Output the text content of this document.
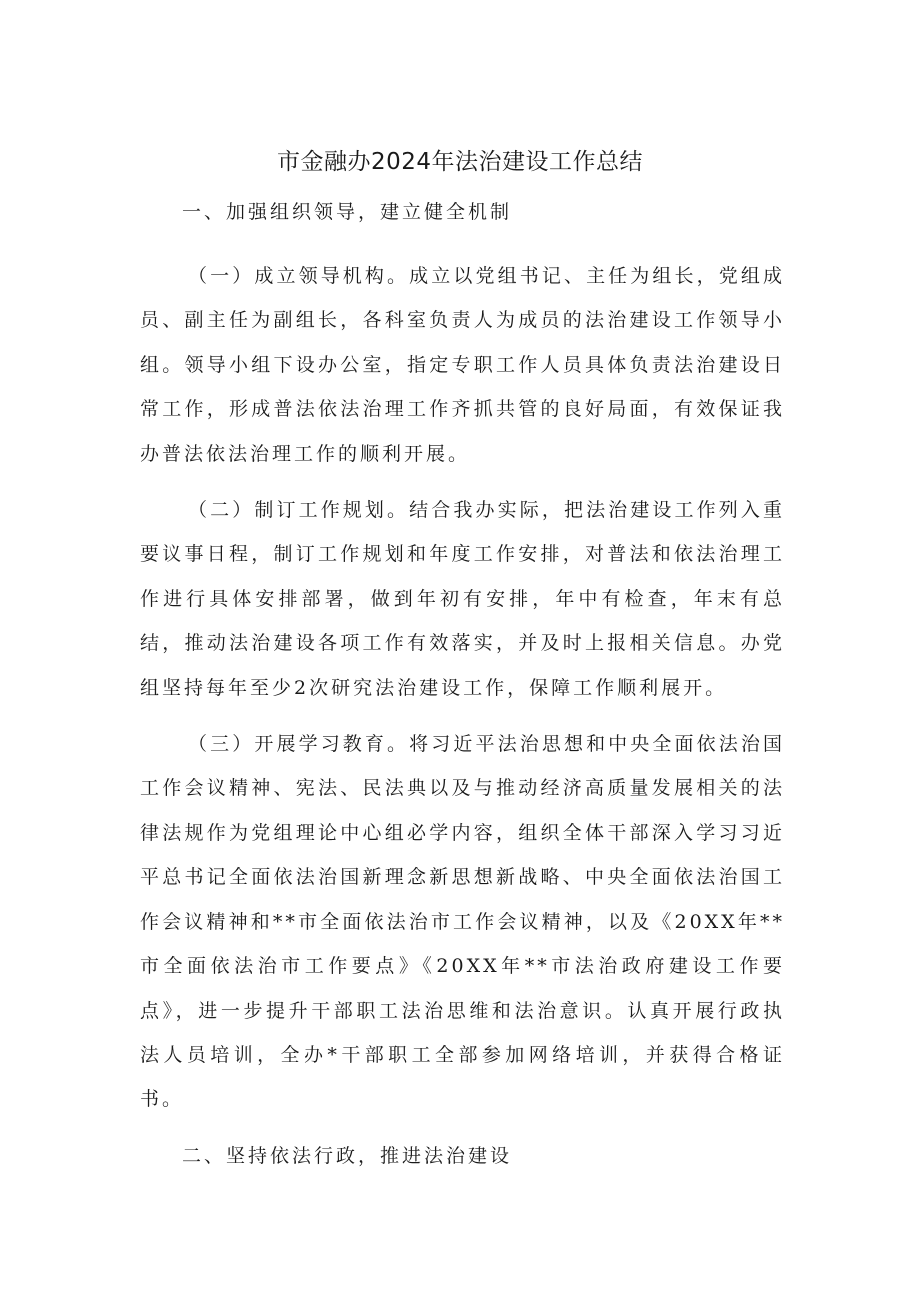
市金融办2024年法治建设工作总结

一、加强组织领导，建立健全机制

（一）成立领导机构。成立以党组书记、主任为组长，党组成员、副主任为副组长，各科室负责人为成员的法治建设工作领导小组。领导小组下设办公室，指定专职工作人员具体负责法治建设日常工作，形成普法依法治理工作齐抓共管的良好局面，有效保证我办普法依法治理工作的顺利开展。

（二）制订工作规划。结合我办实际，把法治建设工作列入重要议事日程，制订工作规划和年度工作安排，对普法和依法治理工作进行具体安排部署，做到年初有安排，年中有检查，年末有总结，推动法治建设各项工作有效落实，并及时上报相关信息。办党组坚持每年至少2次研究法治建设工作，保障工作顺利展开。

（三）开展学习教育。将习近平法治思想和中央全面依法治国工作会议精神、宪法、民法典以及与推动经济高质量发展相关的法律法规作为党组理论中心组必学内容，组织全体干部深入学习习近平总书记全面依法治国新理念新思想新战略、中央全面依法治国工作会议精神和**市全面依法治市工作会议精神，以及《20XX年**市全面依法治市工作要点》《20XX年**市法治政府建设工作要点》，进一步提升干部职工法治思维和法治意识。认真开展行政执法人员培训，全办*干部职工全部参加网络培训，并获得合格证书。

二、坚持依法行政，推进法治建设
